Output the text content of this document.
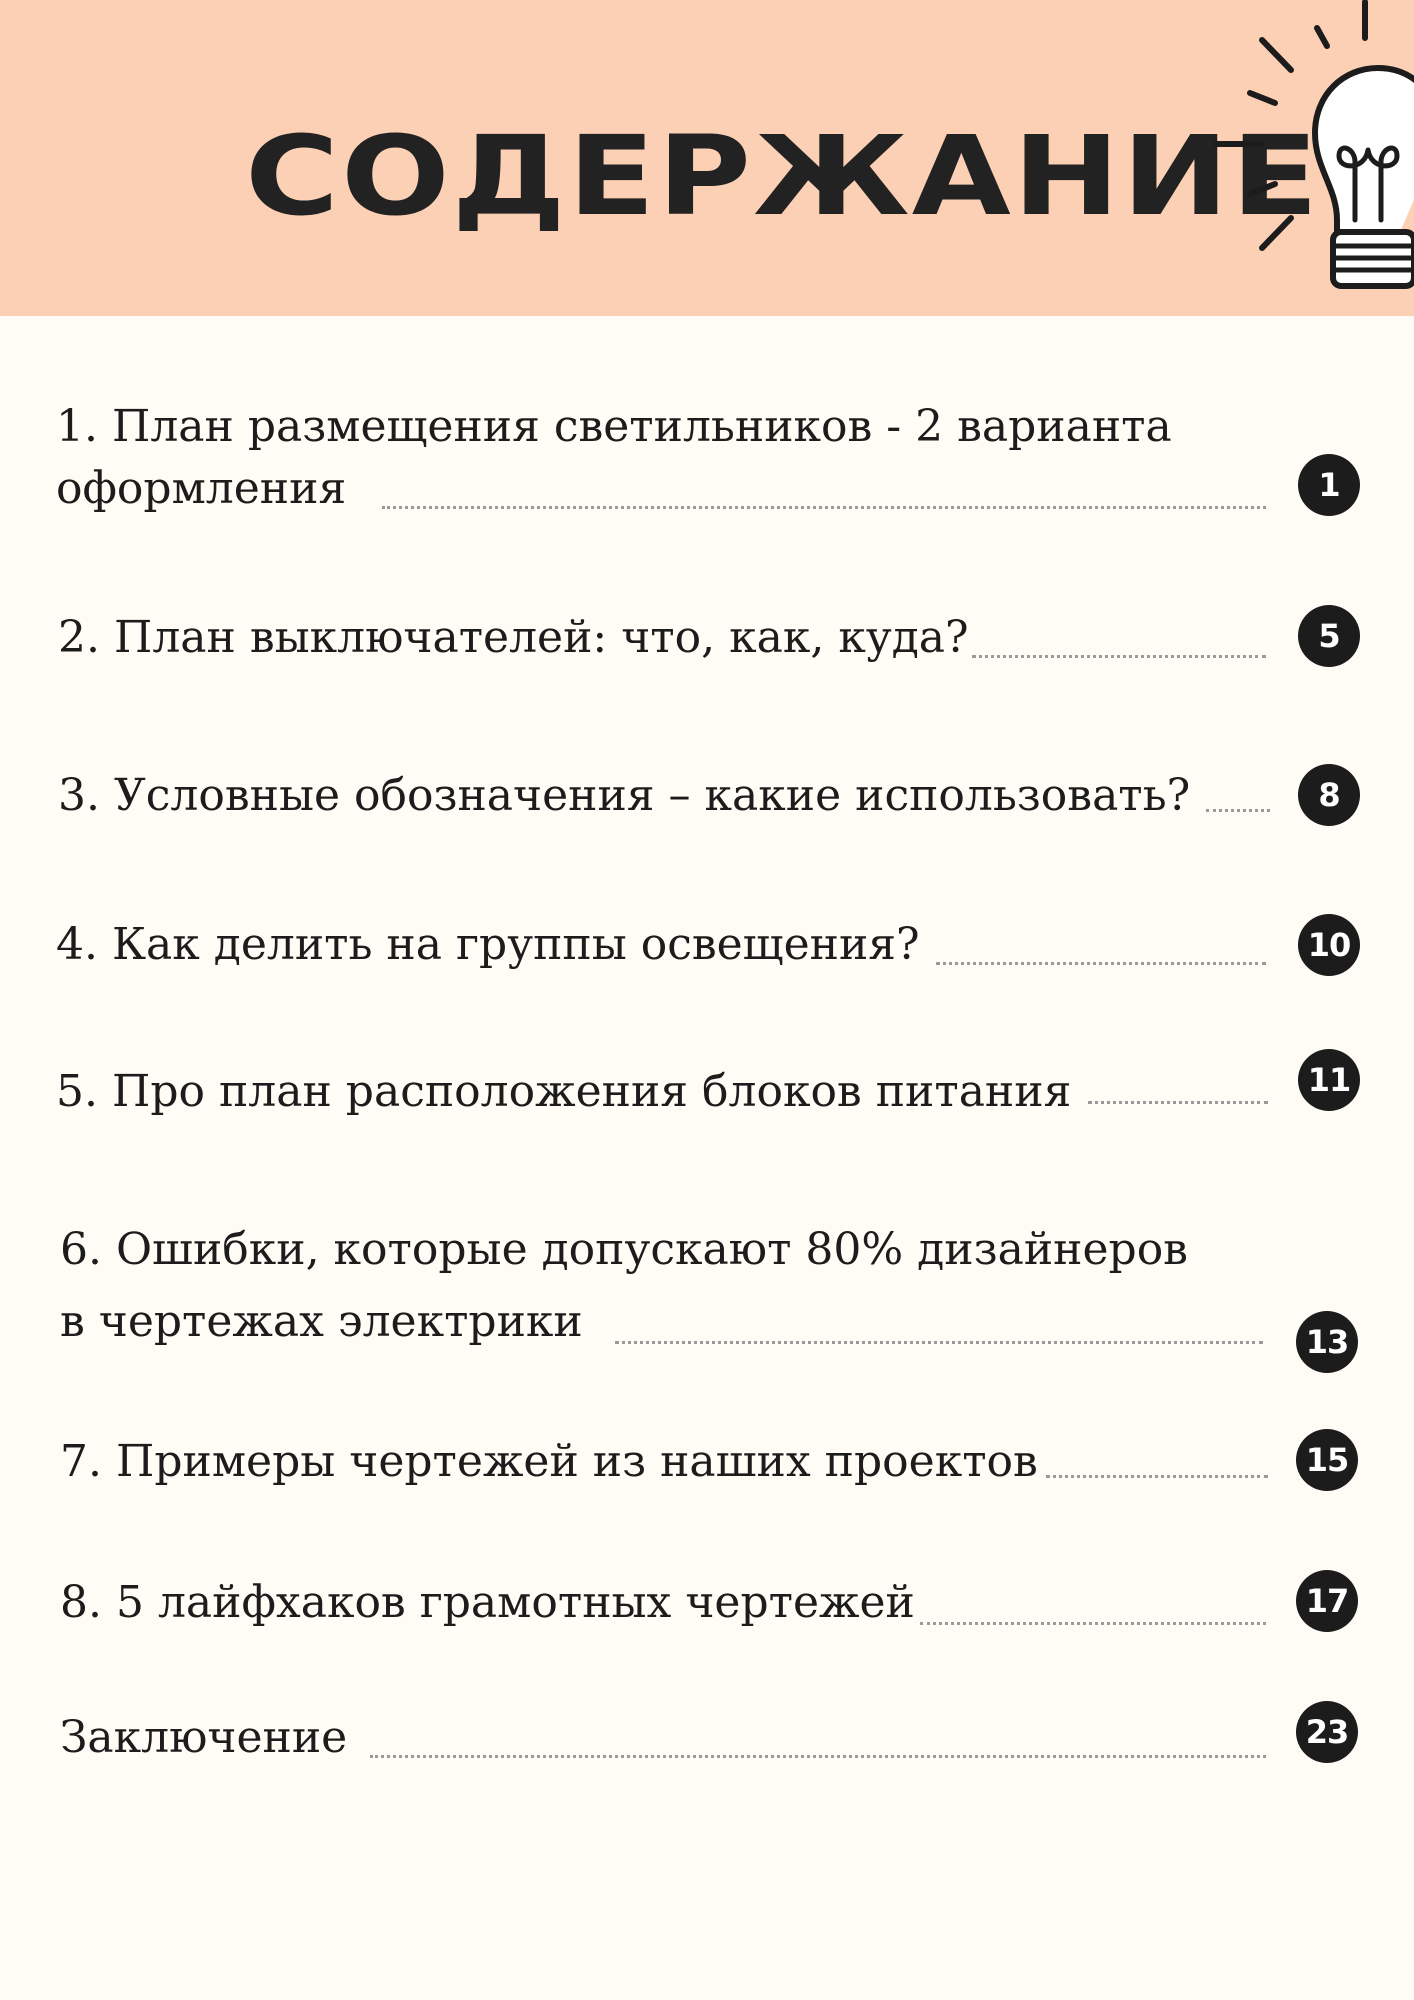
СОДЕРЖАНИЕ

1. План размещения светильников - 2 варианта

оформления	1

2. План выключателей: что, как, куда?	5

3. Условные обозначения – какие использовать?	8

4. Как делить на группы освещения?	10

5. Про план расположения блоков питания	11

6. Ошибки, которые допускают 80% дизайнеров

в чертежах электрики	13

7. Примеры чертежей из наших проектов	15

8. 5 лайфхаков грамотных чертежей	17

Заключение	23
